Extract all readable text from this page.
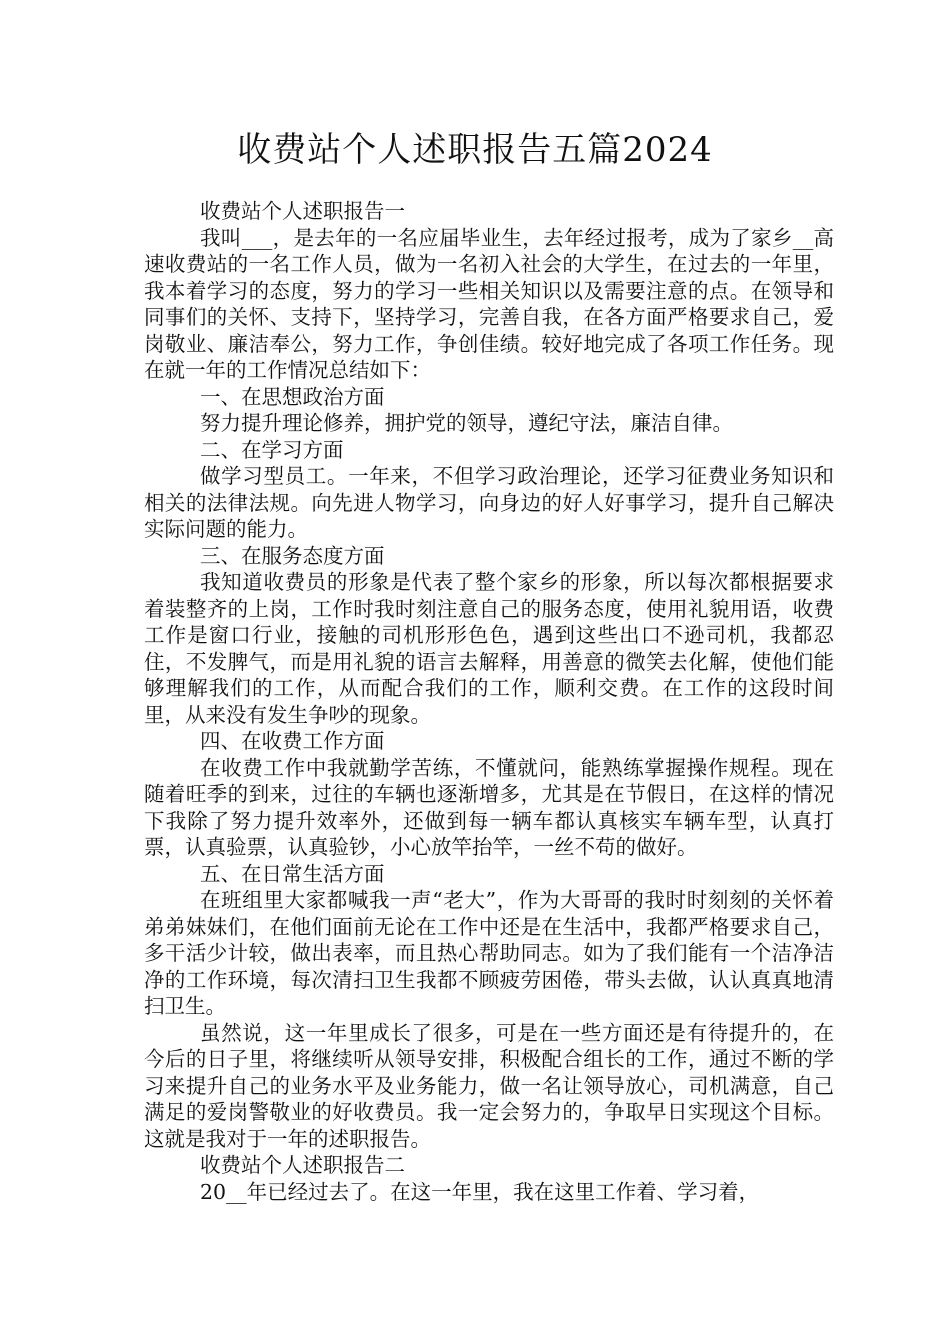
收费站个人述职报告五篇2024

收费站个人述职报告一

我叫___，是去年的一名应届毕业生，去年经过报考，成为了家乡__高速收费站的一名工作人员，做为一名初入社会的大学生，在过去的一年里，我本着学习的态度，努力的学习一些相关知识以及需要注意的点。在领导和同事们的关怀、支持下，坚持学习，完善自我，在各方面严格要求自己，爱岗敬业、廉洁奉公，努力工作，争创佳绩。较好地完成了各项工作任务。现在就一年的工作情况总结如下：

一、在思想政治方面

努力提升理论修养，拥护党的领导，遵纪守法，廉洁自律。

二、在学习方面

做学习型员工。一年来，不但学习政治理论，还学习征费业务知识和相关的法律法规。向先进人物学习，向身边的好人好事学习，提升自己解决实际问题的能力。

三、在服务态度方面

我知道收费员的形象是代表了整个家乡的形象，所以每次都根据要求着装整齐的上岗，工作时我时刻注意自己的服务态度，使用礼貌用语，收费工作是窗口行业，接触的司机形形色色，遇到这些出口不逊司机，我都忍住，不发脾气，而是用礼貌的语言去解释，用善意的微笑去化解，使他们能够理解我们的工作，从而配合我们的工作，顺利交费。在工作的这段时间里，从来没有发生争吵的现象。

四、在收费工作方面

在收费工作中我就勤学苦练，不懂就问，能熟练掌握操作规程。现在随着旺季的到来，过往的车辆也逐渐增多，尤其是在节假日，在这样的情况下我除了努力提升效率外，还做到每一辆车都认真核实车辆车型，认真打票，认真验票，认真验钞，小心放竿抬竿，一丝不苟的做好。

五、在日常生活方面

在班组里大家都喊我一声“老大”，作为大哥哥的我时时刻刻的关怀着弟弟妹妹们，在他们面前无论在工作中还是在生活中，我都严格要求自己，多干活少计较，做出表率，而且热心帮助同志。如为了我们能有一个洁净洁净的工作环境，每次清扫卫生我都不顾疲劳困倦，带头去做，认认真真地清扫卫生。

虽然说，这一年里成长了很多，可是在一些方面还是有待提升的，在今后的日子里，将继续听从领导安排，积极配合组长的工作，通过不断的学习来提升自己的业务水平及业务能力，做一名让领导放心，司机满意，自己满足的爱岗警敬业的好收费员。我一定会努力的，争取早日实现这个目标。这就是我对于一年的述职报告。

收费站个人述职报告二

20__年已经过去了。在这一年里，我在这里工作着、学习着，
